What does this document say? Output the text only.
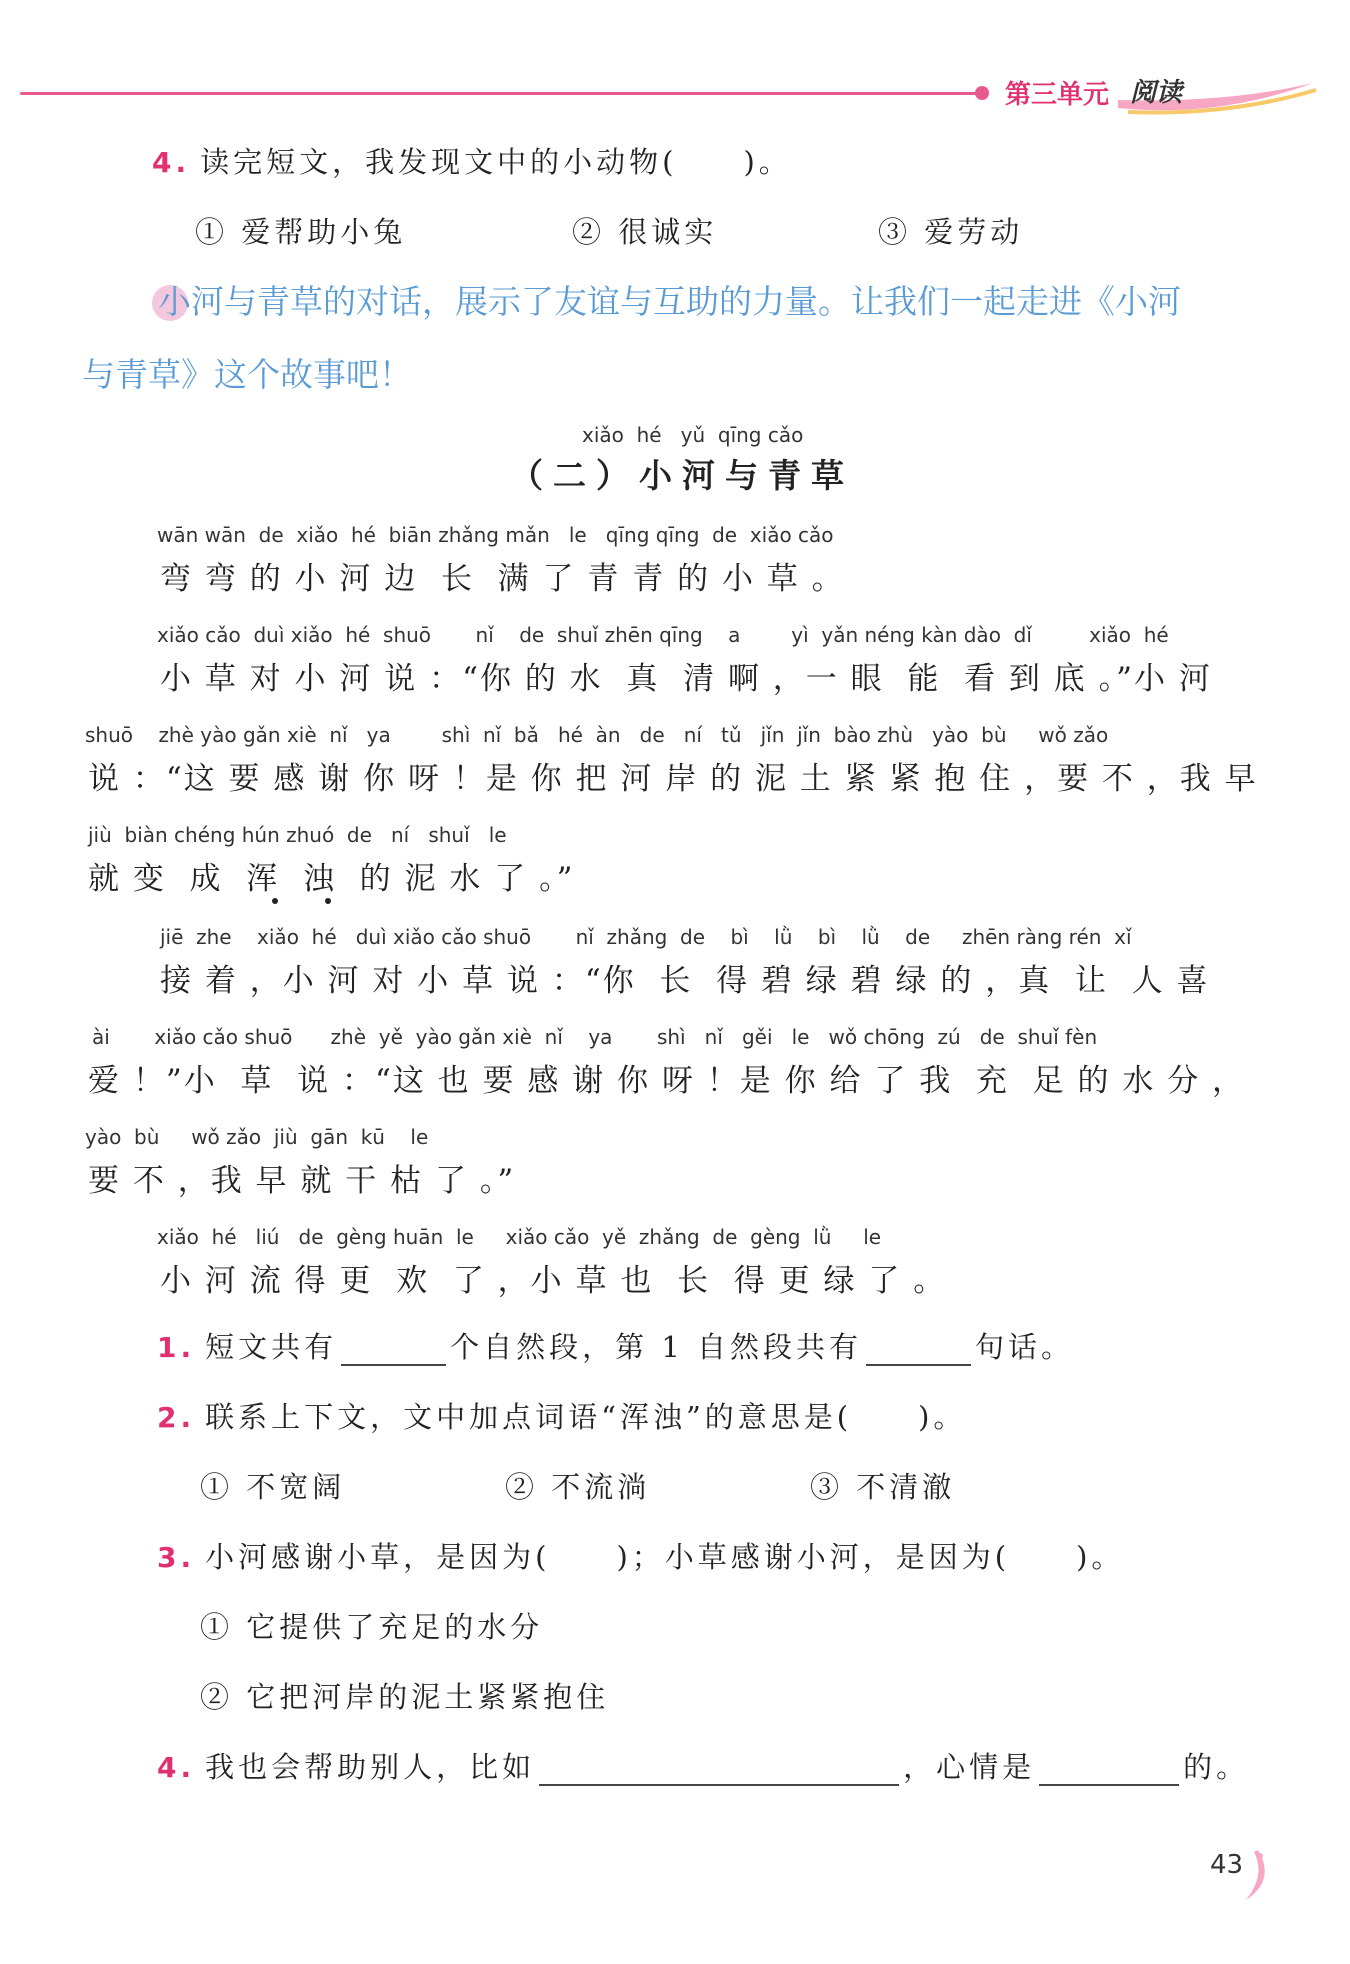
第三单元 阅读
4. 读完短文，我发现文中的小动物(　　)。
① 爱帮助小兔	② 很诚实	③ 爱劳动
小河与青草的对话，展示了友谊与互助的力量。让我们一起走进《小河
与青草》这个故事吧！
xiǎo  hé   yǔ  qīng cǎo
（二）小河与青草
wān wān  de  xiǎo  hé  biān zhǎng mǎn   le   qīng qīng  de  xiǎo cǎo
弯 弯 的 小 河 边  长  满 了 青 青 的 小 草 。
xiǎo cǎo  duì xiǎo  hé  shuō       nǐ    de  shuǐ zhēn qīng    a        yì  yǎn néng kàn dào  dǐ         xiǎo  hé
小 草 对 小 河 说 ：“你 的 水  真  清 啊 ，一 眼  能  看 到 底 。”小 河
shuō    zhè yào gǎn xiè  nǐ   ya        shì  nǐ  bǎ   hé  àn   de   ní   tǔ   jǐn  jǐn  bào zhù   yào  bù     wǒ zǎo
说 ：“这 要 感 谢 你 呀 ！是 你 把 河 岸 的 泥 土 紧 紧 抱 住 ，要 不 ，我 早
jiù  biàn chéng hún zhuó  de   ní   shuǐ   le
就 变  成  浑  浊  的 泥 水 了 。”
jiē  zhe    xiǎo  hé   duì xiǎo cǎo shuō       nǐ  zhǎng  de    bì    lǜ    bì    lǜ    de     zhēn ràng rén  xǐ
接 着 ，小 河 对 小 草 说 ：“你  长  得 碧 绿 碧 绿 的 ，真  让  人 喜
ài       xiǎo cǎo shuō      zhè  yě  yào gǎn xiè  nǐ    ya       shì   nǐ   gěi   le   wǒ chōng  zú   de  shuǐ fèn
爱 ！”小  草  说 ：“这 也 要 感 谢 你 呀 ！是 你 给 了 我  充  足 的 水 分 ，
yào  bù     wǒ zǎo  jiù  gān  kū    le
要 不 ，我 早 就 干 枯 了 。”
xiǎo  hé   liú   de  gèng huān  le     xiǎo cǎo  yě  zhǎng  de  gèng  lǜ     le
小 河 流 得 更  欢  了 ，小 草 也  长  得 更 绿 了 。
1. 短文共有	个自然段，第 1 自然段共有	句话。
2. 联系上下文，文中加点词语“浑浊”的意思是(　　)。
① 不宽阔	② 不流淌	③ 不清澈
3. 小河感谢小草，是因为(　　)；小草感谢小河，是因为(　　)。
① 它提供了充足的水分
② 它把河岸的泥土紧紧抱住
4. 我也会帮助别人，比如	，心情是	的。
43
